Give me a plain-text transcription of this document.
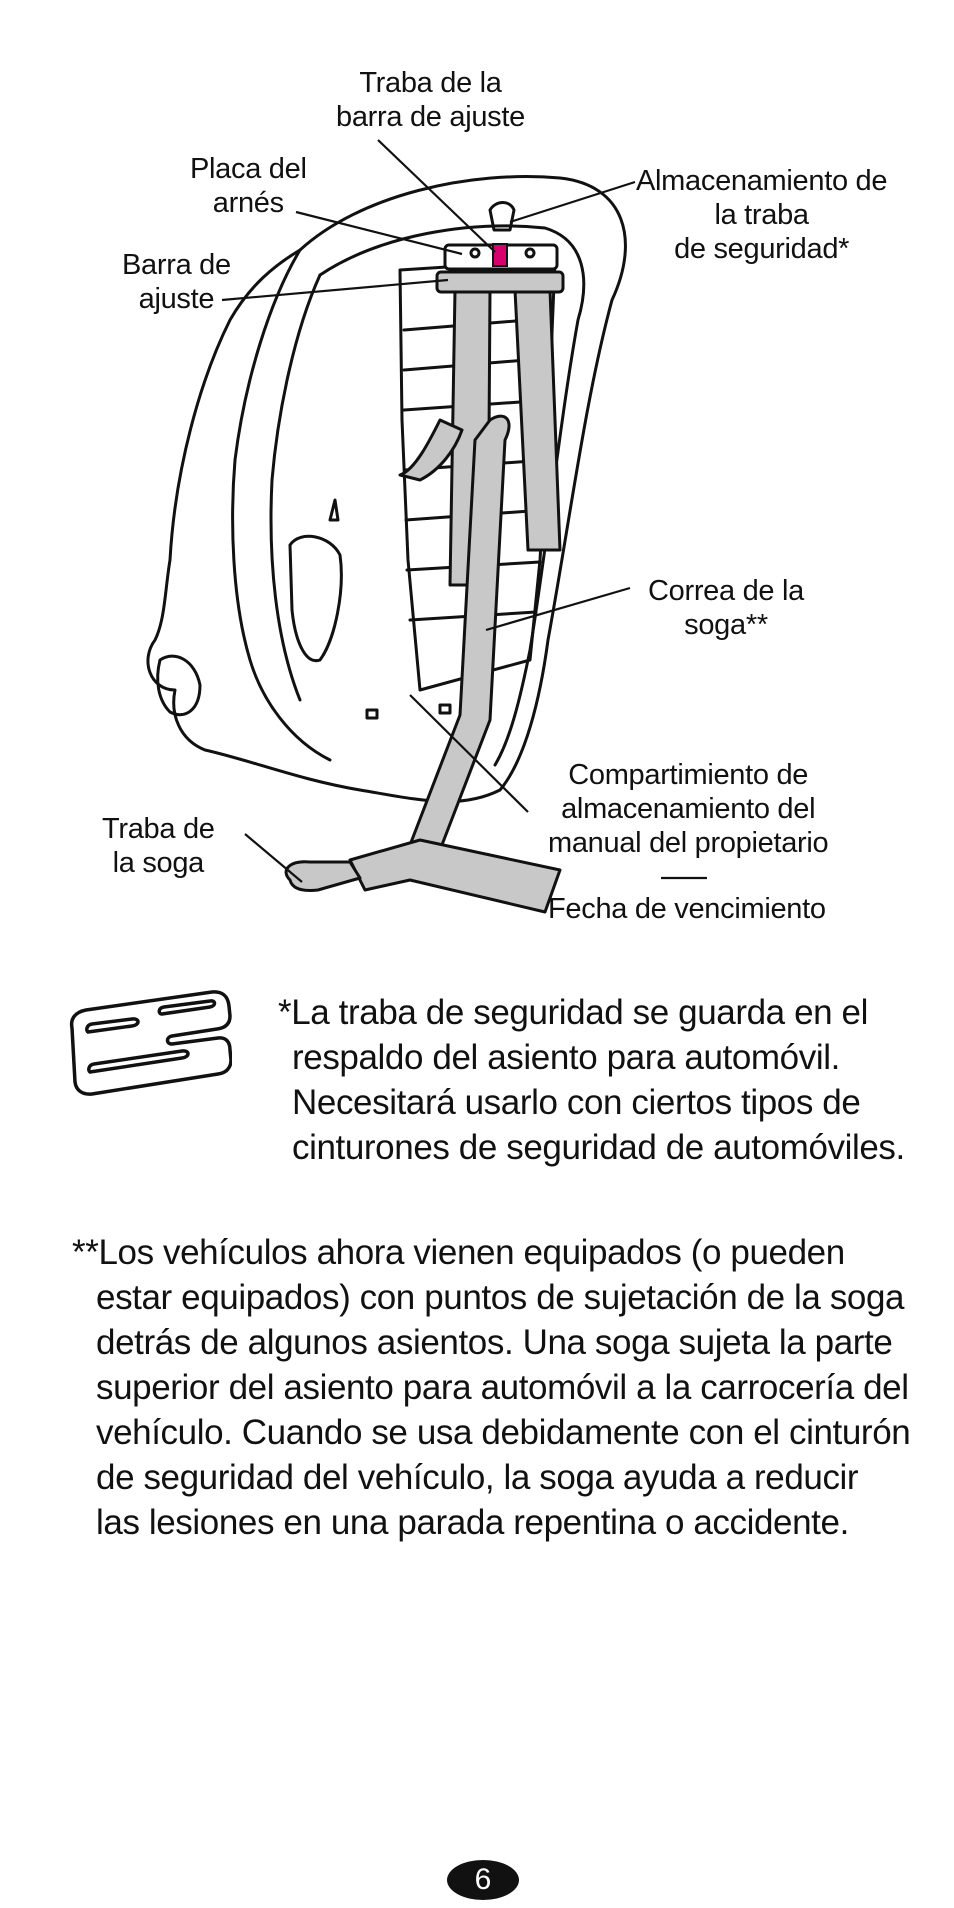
Traba de la
barra de ajuste
Placa del
arnés
Barra de
ajuste
Almacenamiento de
la traba
de seguridad*
Correa de la
soga**
Compartimiento de
almacenamiento del
manual del propietario
Fecha de vencimiento
Traba de
la soga
*La traba de seguridad se guarda en el
respaldo del asiento para automóvil.
Necesitará usarlo con ciertos tipos de
cinturones de seguridad de automóviles.
**Los vehículos ahora vienen equipados (o pueden
estar equipados) con puntos de sujetación de la soga
detrás de algunos asientos. Una soga sujeta la parte
superior del asiento para automóvil a la carrocería del
vehículo. Cuando se usa debidamente con el cinturón
de seguridad del vehículo, la soga ayuda a reducir
las lesiones en una parada repentina o accidente.
6
